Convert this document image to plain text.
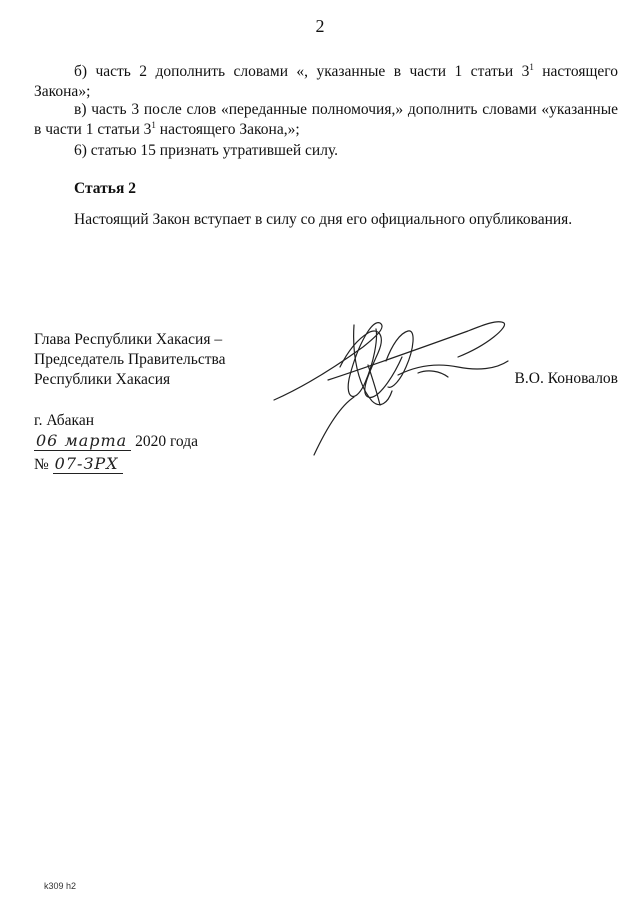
2
б) часть 2 дополнить словами «, указанные в части 1 статьи $3^1$ настоящего Закона»;
в) часть 3 после слов «переданные полномочия,» дополнить словами «указанные в части 1 статьи $3^1$ настоящего Закона,»;
6) статью 15 признать утратившей силу.
Статья 2
Настоящий Закон вступает в силу со дня его официального опубликования.
Глава Республики Хакасия –
Председатель Правительства
Республики Хакасия	В.О. Коновалов
г. Абакан
06 марта 2020 года
№ 07-ЗРХ
k309 h2
